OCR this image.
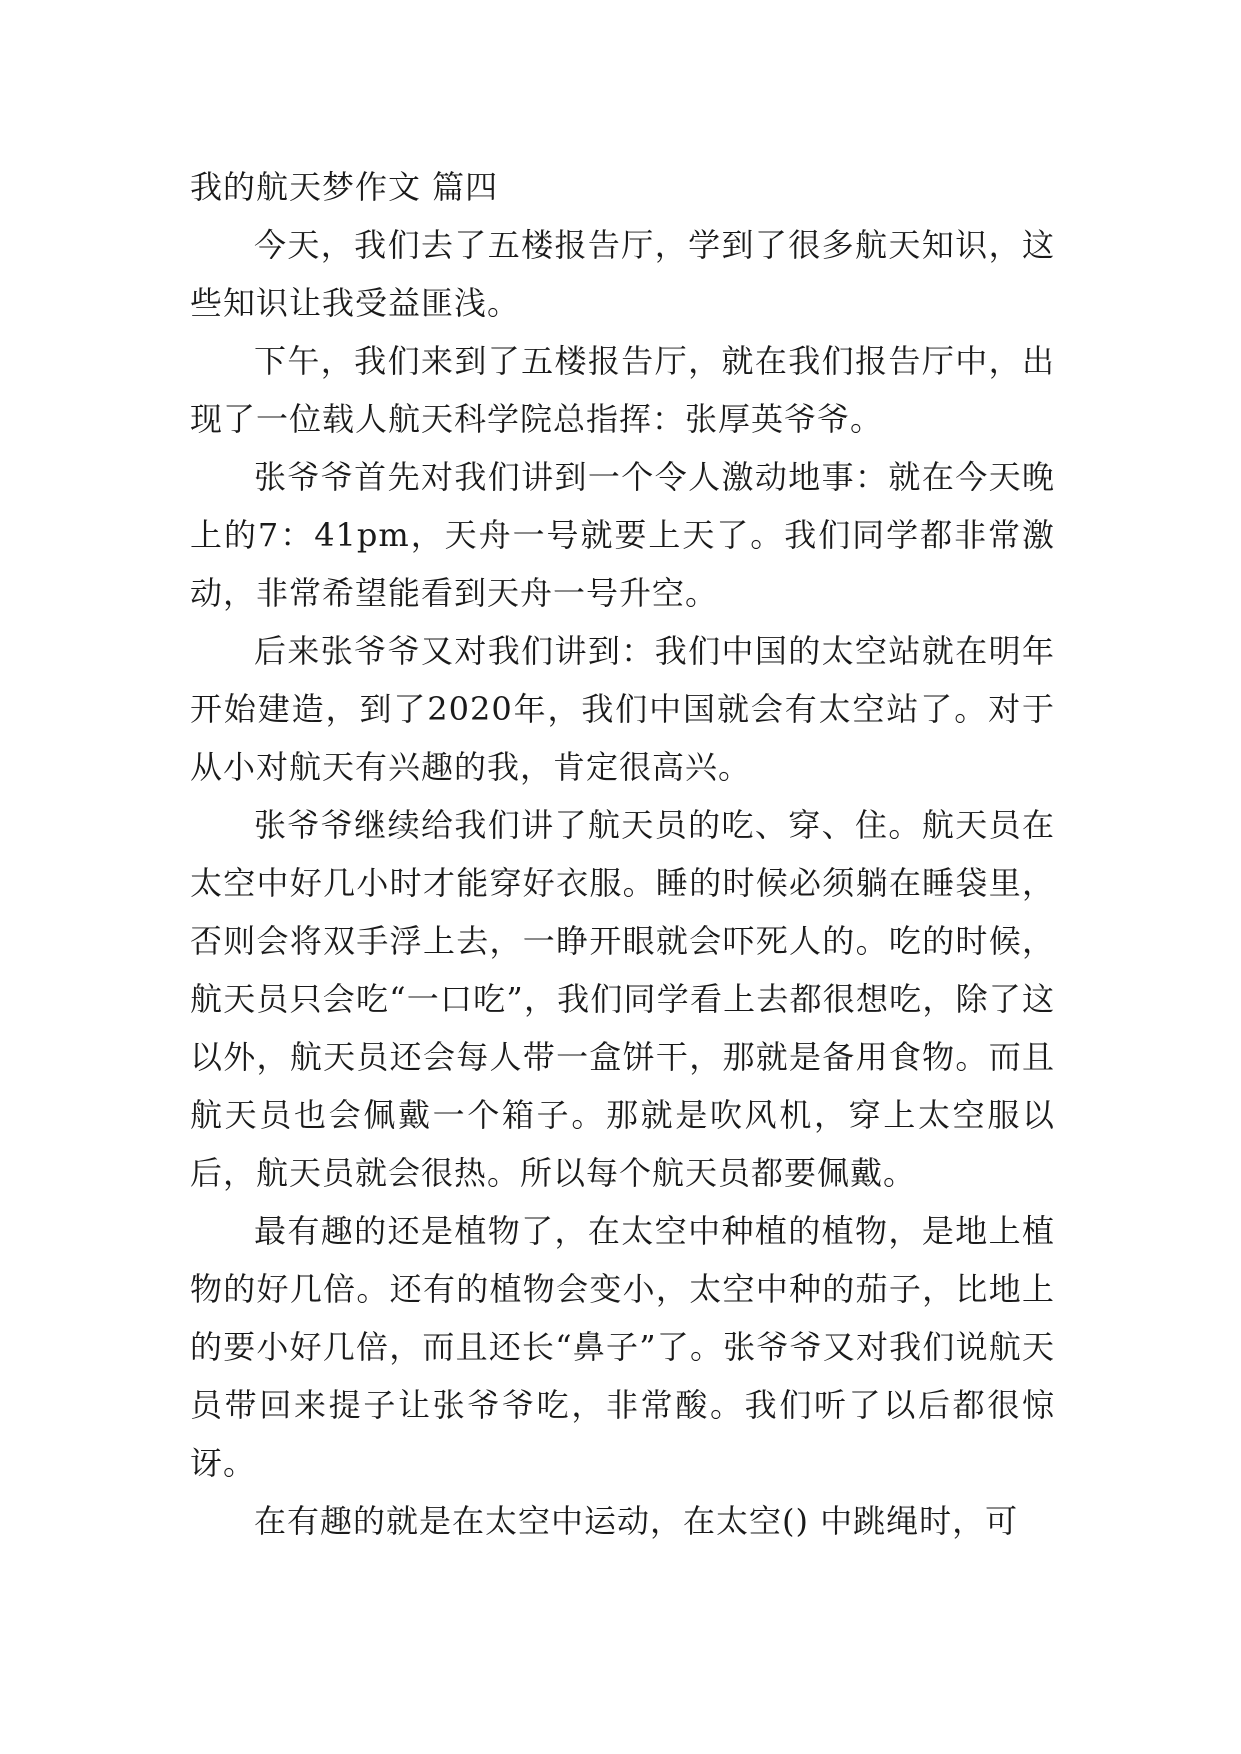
我的航天梦作文 篇四

今天，我们去了五楼报告厅，学到了很多航天知识，这些知识让我受益匪浅。

下午，我们来到了五楼报告厅，就在我们报告厅中，出现了一位载人航天科学院总指挥：张厚英爷爷。

张爷爷首先对我们讲到一个令人激动地事：就在今天晚上的7：41pm，天舟一号就要上天了。我们同学都非常激动，非常希望能看到天舟一号升空。

后来张爷爷又对我们讲到：我们中国的太空站就在明年开始建造，到了2020年，我们中国就会有太空站了。对于从小对航天有兴趣的我，肯定很高兴。

张爷爷继续给我们讲了航天员的吃、穿、住。航天员在太空中好几小时才能穿好衣服。睡的时候必须躺在睡袋里，否则会将双手浮上去，一睁开眼就会吓死人的。吃的时候，航天员只会吃“一口吃”，我们同学看上去都很想吃，除了这以外，航天员还会每人带一盒饼干，那就是备用食物。而且航天员也会佩戴一个箱子。那就是吹风机，穿上太空服以后，航天员就会很热。所以每个航天员都要佩戴。

最有趣的还是植物了，在太空中种植的植物，是地上植物的好几倍。还有的植物会变小，太空中种的茄子，比地上的要小好几倍，而且还长“鼻子”了。张爷爷又对我们说航天员带回来提子让张爷爷吃，非常酸。我们听了以后都很惊讶。

在有趣的就是在太空中运动，在太空() 中跳绳时，可
